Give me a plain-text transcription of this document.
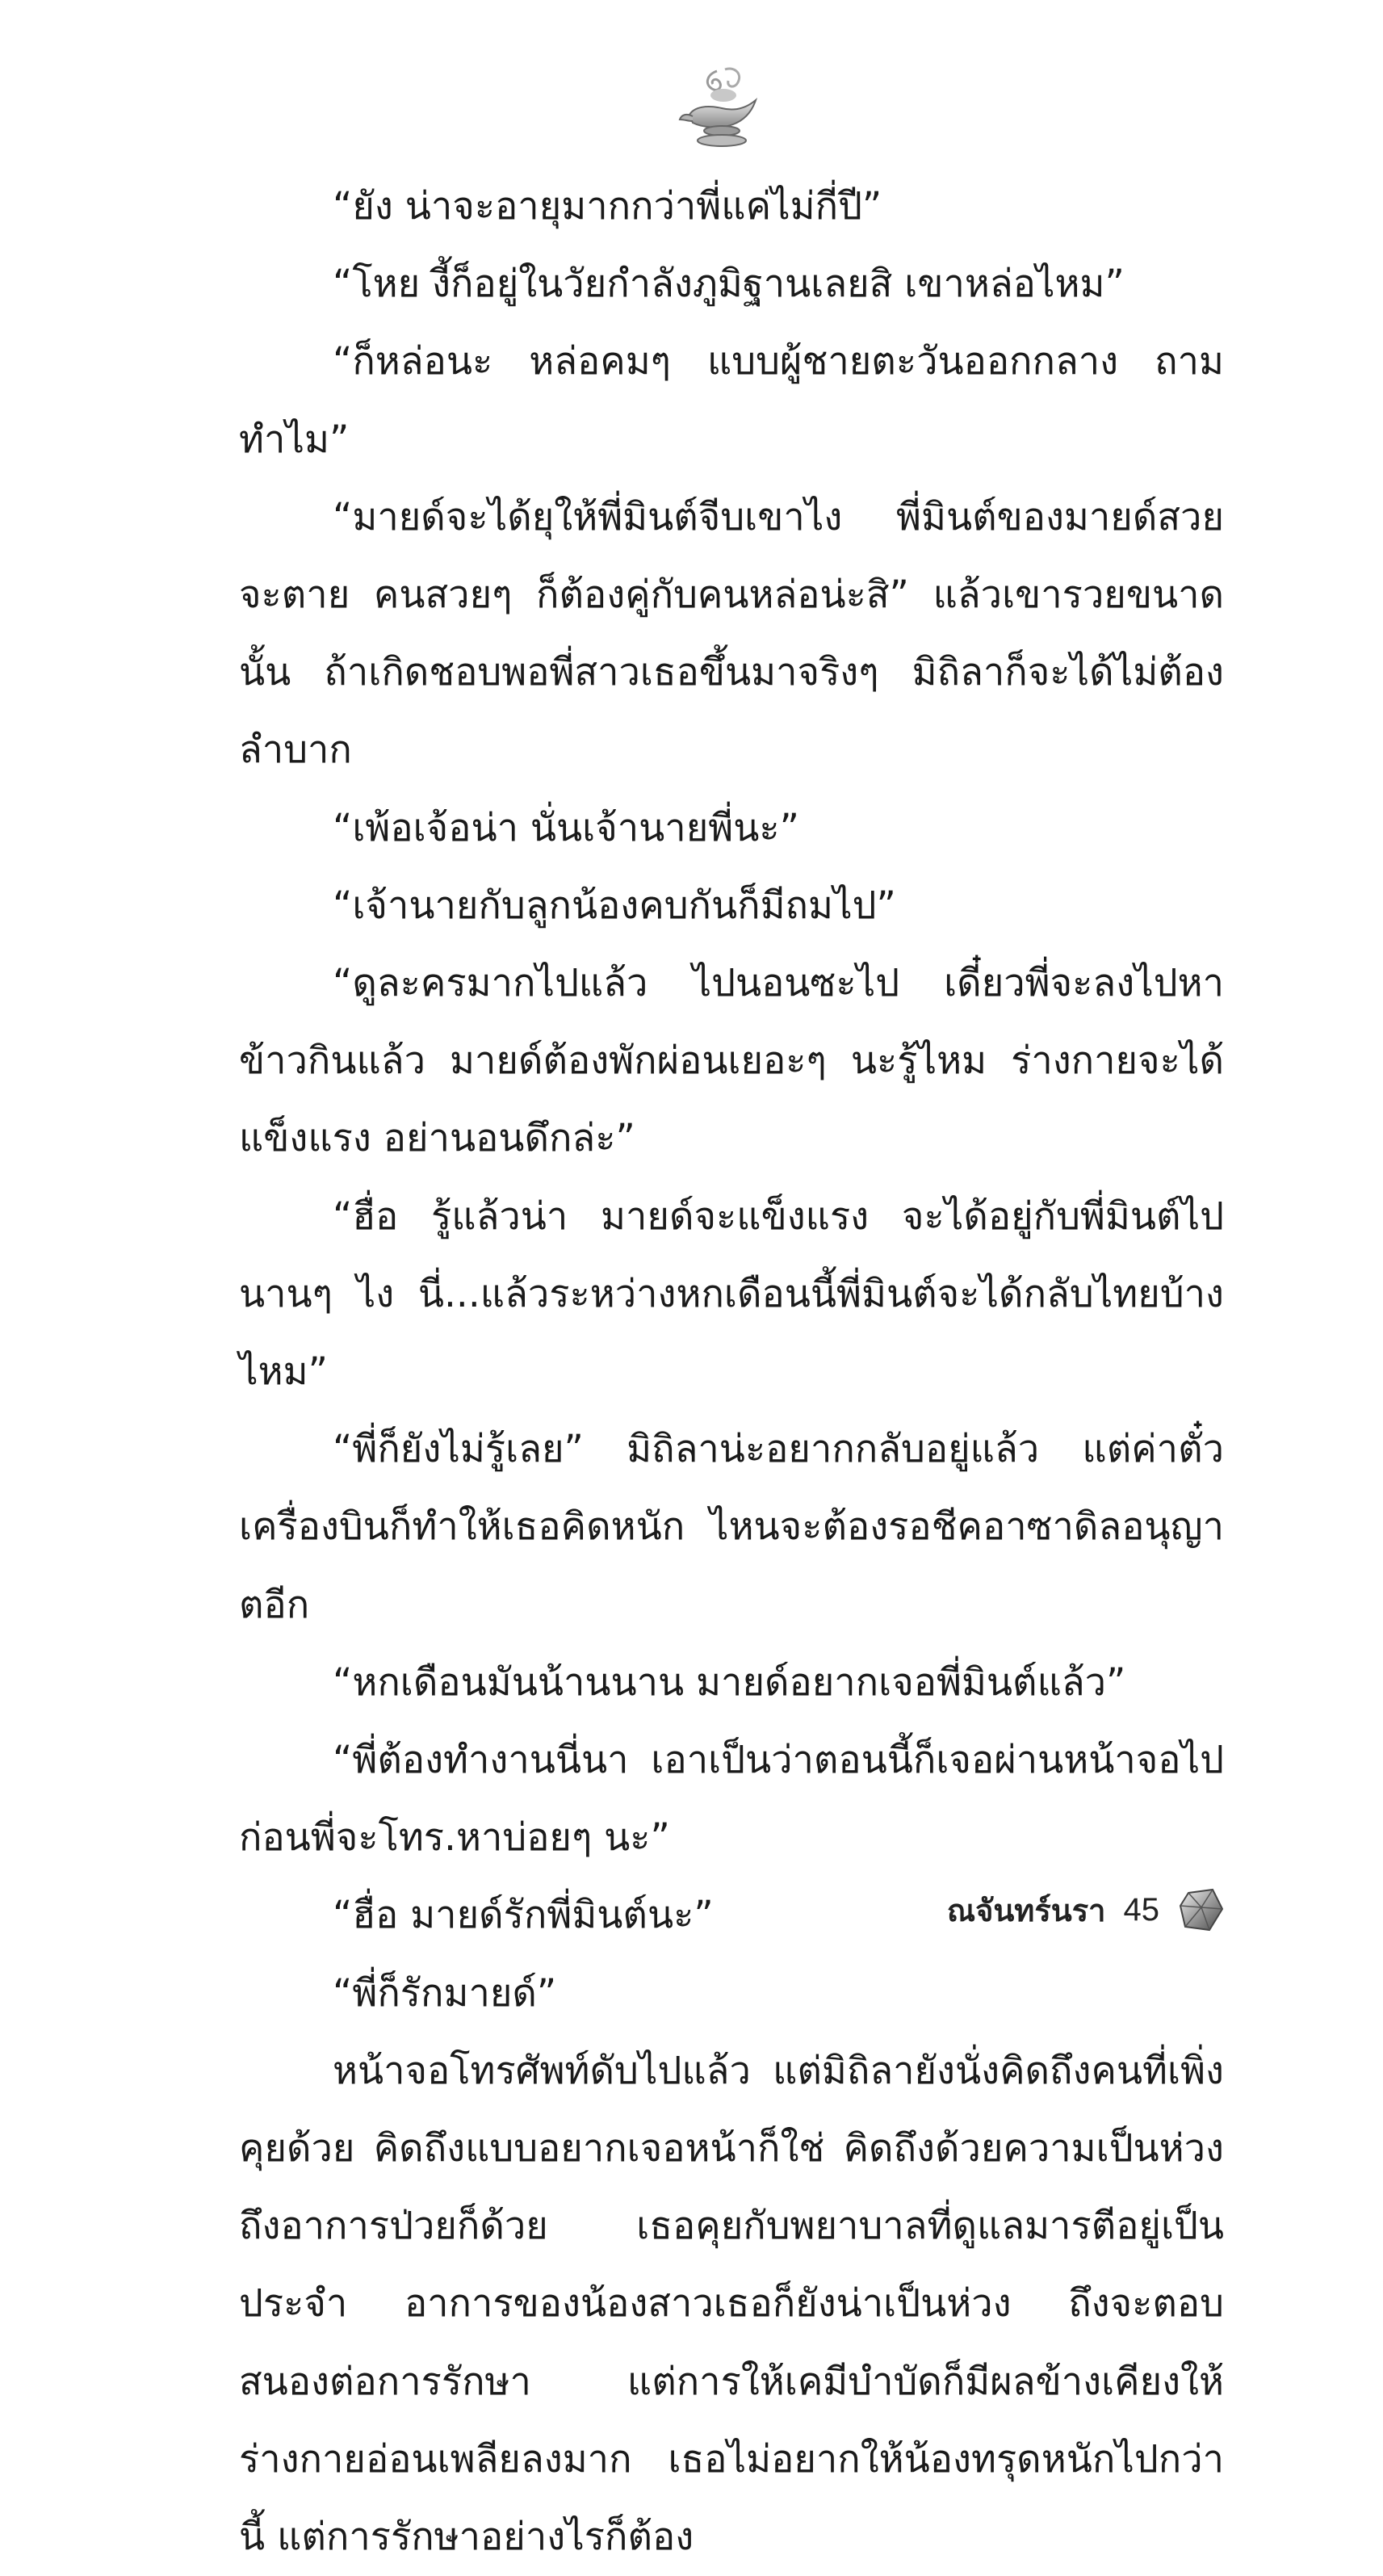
“ยัง น่าจะอายุมากกว่าพี่แค่ไม่กี่ปี”

“โหย งี้ก็อยู่ในวัยกำลังภูมิฐานเลยสิ เขาหล่อไหม”

“ก็หล่อนะ หล่อคมๆ แบบผู้ชายตะวันออกกลาง ถามทำไม”

“มายด์จะได้ยุให้พี่มินต์จีบเขาไง พี่มินต์ของมายด์สวยจะตาย คนสวยๆ ก็ต้องคู่กับคนหล่อน่ะสิ” แล้วเขารวยขนาดนั้น ถ้าเกิดชอบพอพี่สาวเธอขึ้นมาจริงๆ มิถิลาก็จะได้ไม่ต้องลำบาก

“เพ้อเจ้อน่า นั่นเจ้านายพี่นะ”

“เจ้านายกับลูกน้องคบกันก็มีถมไป”

“ดูละครมากไปแล้ว ไปนอนซะไป เดี๋ยวพี่จะลงไปหาข้าวกินแล้ว มายด์ต้องพักผ่อนเยอะๆ นะรู้ไหม ร่างกายจะได้แข็งแรง อย่านอนดึกล่ะ”

“ฮื่อ รู้แล้วน่า มายด์จะแข็งแรง จะได้อยู่กับพี่มินต์ไปนานๆ ไง นี่...แล้วระหว่างหกเดือนนี้พี่มินต์จะได้กลับไทยบ้างไหม”

“พี่ก็ยังไม่รู้เลย” มิถิลาน่ะอยากกลับอยู่แล้ว แต่ค่าตั๋วเครื่องบินก็ทำให้เธอคิดหนัก ไหนจะต้องรอชีคอาซาดิลอนุญาตอีก

“หกเดือนมันน้านนาน มายด์อยากเจอพี่มินต์แล้ว”

“พี่ต้องทำงานนี่นา เอาเป็นว่าตอนนี้ก็เจอผ่านหน้าจอไปก่อนพี่จะโทร.หาบ่อยๆ นะ”

“ฮื่อ มายด์รักพี่มินต์นะ”

“พี่ก็รักมายด์”

หน้าจอโทรศัพท์ดับไปแล้ว แต่มิถิลายังนั่งคิดถึงคนที่เพิ่งคุยด้วย คิดถึงแบบอยากเจอหน้าก็ใช่ คิดถึงด้วยความเป็นห่วงถึงอาการป่วยก็ด้วย เธอคุยกับพยาบาลที่ดูแลมารตีอยู่เป็นประจำ อาการของน้องสาวเธอก็ยังน่าเป็นห่วง ถึงจะตอบสนองต่อการรักษา แต่การให้เคมีบำบัดก็มีผลข้างเคียงให้ร่างกายอ่อนเพลียลงมาก เธอไม่อยากให้น้องทรุดหนักไปกว่านี้ แต่การรักษาอย่างไรก็ต้อง

ณจันทร์นรา 45
